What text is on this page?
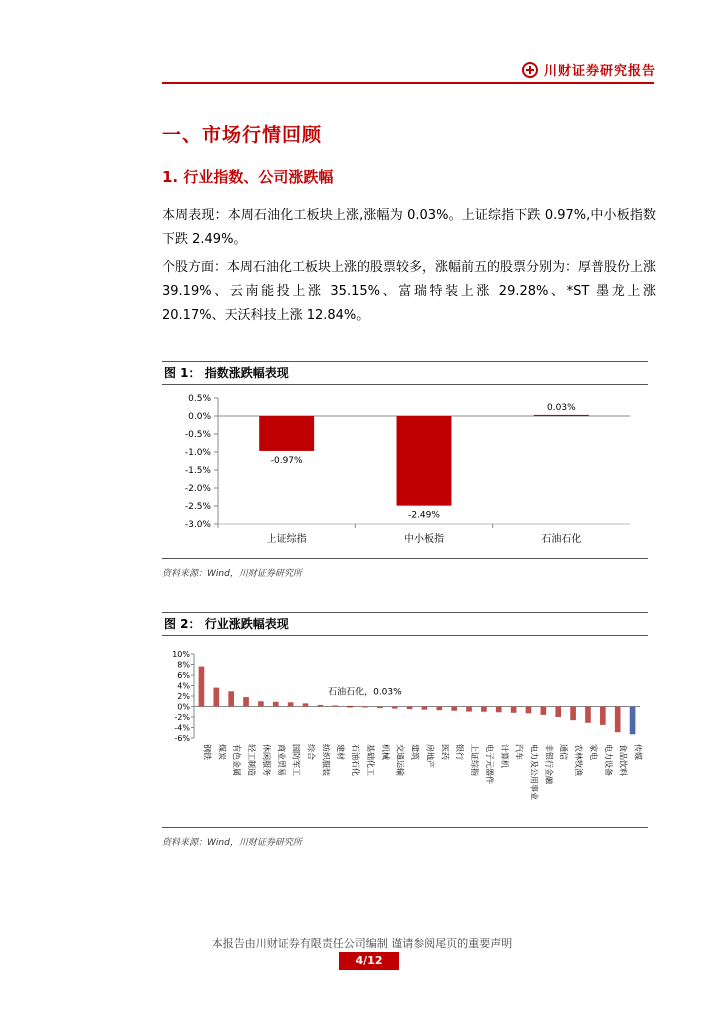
川财证券研究报告
一、市场行情回顾
1. 行业指数、公司涨跌幅
本周表现：本周石油化工板块上涨,涨幅为 0.03%。上证综指下跌 0.97%,中小板指数下跌 2.49%。
个股方面：本周石油化工板块上涨的股票较多，涨幅前五的股票分别为：厚普股份上涨 39.19%、云南能投上涨 35.15%、富瑞特装上涨 29.28%、*ST 墨龙上涨 20.17%、天沃科技上涨 12.84%。
图 1： 指数涨跌幅表现
-0.97%
-2.49%
0.03%
0.5%
0.0%
-0.5%
-1.0%
-1.5%
-2.0%
-2.5%
-3.0%
上证综指	中小板指	石油石化
资料来源：Wind，川财证券研究所
图 2： 行业涨跌幅表现
10%
8%
6%
4%
2%
0%
-2%
-4%
-6%
钢铁 煤炭 有色金属 轻工制造 休闲服务 商业贸易 国防军工 综合 纺织服装 建材 石油石化 基础化工 机械 交通运输 建筑 房地产 医药 银行 上证综指 电子元器件 计算机 汽车 电力及公用事业 非银行金融 通信 农林牧渔 家电 电力设备 食品饮料 传媒
石油石化，0.03%
资料来源：Wind，川财证券研究所
本报告由川财证券有限责任公司编制 谨请参阅尾页的重要声明
4/12
